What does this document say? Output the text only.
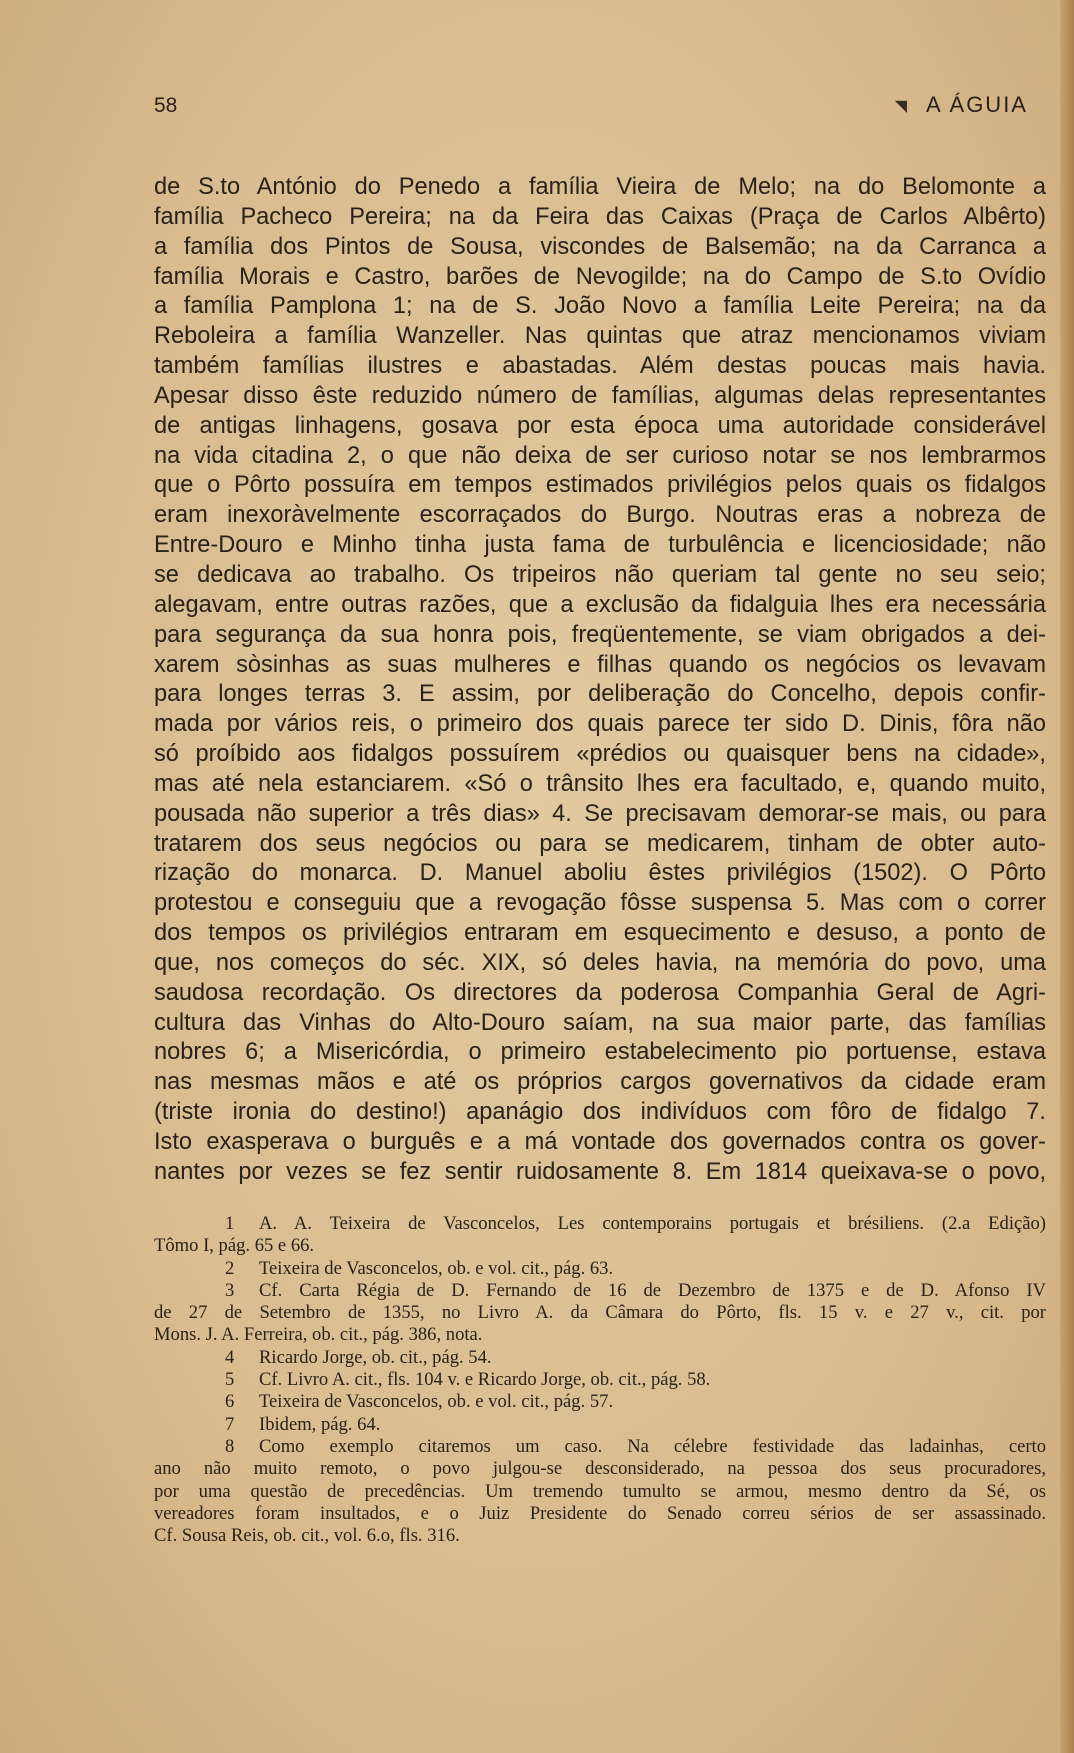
58	◥ A ÁGUIA
de S.to António do Penedo a família Vieira de Melo; na do Belomonte a
família Pacheco Pereira; na da Feira das Caixas (Praça de Carlos Albêrto)
a família dos Pintos de Sousa, viscondes de Balsemão; na da Carranca a
família Morais e Castro, barões de Nevogilde; na do Campo de S.to Ovídio
a família Pamplona 1; na de S. João Novo a família Leite Pereira; na da
Reboleira a família Wanzeller. Nas quintas que atraz mencionamos viviam
também famílias ilustres e abastadas. Além destas poucas mais havia.
Apesar disso êste reduzido número de famílias, algumas delas representantes
de antigas linhagens, gosava por esta época uma autoridade considerável
na vida citadina 2, o que não deixa de ser curioso notar se nos lembrarmos
que o Pôrto possuíra em tempos estimados privilégios pelos quais os fidalgos
eram inexoràvelmente escorraçados do Burgo. Noutras eras a nobreza de
Entre-Douro e Minho tinha justa fama de turbulência e licenciosidade; não
se dedicava ao trabalho. Os tripeiros não queriam tal gente no seu seio;
alegavam, entre outras razões, que a exclusão da fidalguia lhes era necessária
para segurança da sua honra pois, freqüentemente, se viam obrigados a dei-
xarem sòsinhas as suas mulheres e filhas quando os negócios os levavam
para longes terras 3. E assim, por deliberação do Concelho, depois confir-
mada por vários reis, o primeiro dos quais parece ter sido D. Dinis, fôra não
só proíbido aos fidalgos possuírem «prédios ou quaisquer bens na cidade»,
mas até nela estanciarem. «Só o trânsito lhes era facultado, e, quando muito,
pousada não superior a três dias» 4. Se precisavam demorar-se mais, ou para
tratarem dos seus negócios ou para se medicarem, tinham de obter auto-
rização do monarca. D. Manuel aboliu êstes privilégios (1502). O Pôrto
protestou e conseguiu que a revogação fôsse suspensa 5. Mas com o correr
dos tempos os privilégios entraram em esquecimento e desuso, a ponto de
que, nos começos do séc. XIX, só deles havia, na memória do povo, uma
saudosa recordação. Os directores da poderosa Companhia Geral de Agri-
cultura das Vinhas do Alto-Douro saíam, na sua maior parte, das famílias
nobres 6; a Misericórdia, o primeiro estabelecimento pio portuense, estava
nas mesmas mãos e até os próprios cargos governativos da cidade eram
(triste ironia do destino!) apanágio dos indivíduos com fôro de fidalgo 7.
Isto exasperava o burguês e a má vontade dos governados contra os gover-
nantes por vezes se fez sentir ruidosamente 8. Em 1814 queixava-se o povo,
1 A. A. Teixeira de Vasconcelos, Les contemporains portugais et brésiliens. (2.a Edição)
Tômo I, pág. 65 e 66.
2 Teixeira de Vasconcelos, ob. e vol. cit., pág. 63.
3 Cf. Carta Régia de D. Fernando de 16 de Dezembro de 1375 e de D. Afonso IV
de 27 de Setembro de 1355, no Livro A. da Câmara do Pôrto, fls. 15 v. e 27 v., cit. por
Mons. J. A. Ferreira, ob. cit., pág. 386, nota.
4 Ricardo Jorge, ob. cit., pág. 54.
5 Cf. Livro A. cit., fls. 104 v. e Ricardo Jorge, ob. cit., pág. 58.
6 Teixeira de Vasconcelos, ob. e vol. cit., pág. 57.
7 Ibidem, pág. 64.
8 Como exemplo citaremos um caso. Na célebre festividade das ladainhas, certo
ano não muito remoto, o povo julgou-se desconsiderado, na pessoa dos seus procuradores,
por uma questão de precedências. Um tremendo tumulto se armou, mesmo dentro da Sé, os
vereadores foram insultados, e o Juiz Presidente do Senado correu sérios de ser assassinado.
Cf. Sousa Reis, ob. cit., vol. 6.o, fls. 316.
